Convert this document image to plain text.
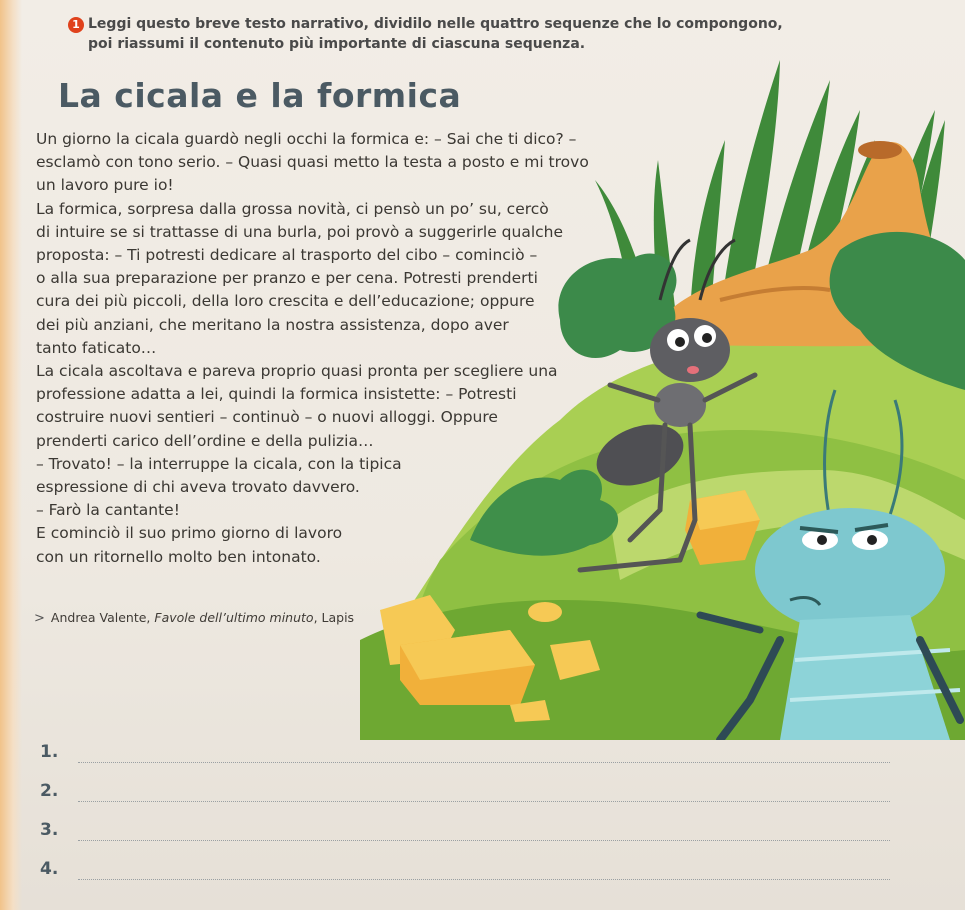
1 Leggi questo breve testo narrativo, dividilo nelle quattro sequenze che lo compongono,
poi riassumi il contenuto più importante di ciascuna sequenza.
La cicala e la formica
Un giorno la cicala guardò negli occhi la formica e: – Sai che ti dico? –
esclamò con tono serio. – Quasi quasi metto la testa a posto e mi trovo
un lavoro pure io!
La formica, sorpresa dalla grossa novità, ci pensò un po’ su, cercò
di intuire se si trattasse di una burla, poi provò a suggerirle qualche
proposta: – Ti potresti dedicare al trasporto del cibo – cominciò –
o alla sua preparazione per pranzo e per cena. Potresti prenderti
cura dei più piccoli, della loro crescita e dell’educazione; oppure
dei più anziani, che meritano la nostra assistenza, dopo aver
tanto faticato…
La cicala ascoltava e pareva proprio quasi pronta per scegliere una
professione adatta a lei, quindi la formica insistette: – Potresti
costruire nuovi sentieri – continuò – o nuovi alloggi. Oppure
prenderti carico dell’ordine e della pulizia…
– Trovato! – la interruppe la cicala, con la tipica
espressione di chi aveva trovato davvero.
– Farò la cantante!
E cominciò il suo primo giorno di lavoro
con un ritornello molto ben intonato.
> Andrea Valente, Favole dell’ultimo minuto, Lapis
1.
2.
3.
4.
